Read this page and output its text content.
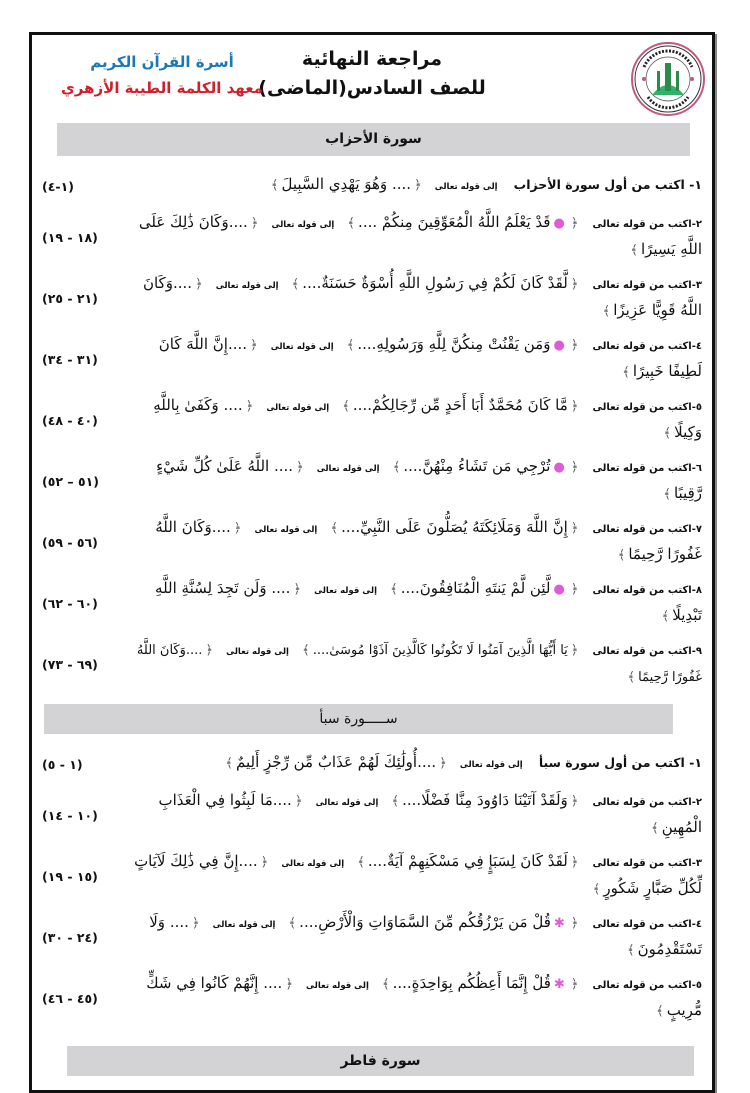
مراجعة النهائية
للصف السادس(الماضى)
أسرة القرآن الكريم
معهد الكلمة الطيبة الأزهري
سورة الأحزاب
١- اكتب من أول سورة الأحزاب إلى قوله تعالى ﴿.... وَهُوَ يَهْدِي السَّبِيلَ﴾
(١-٤)
٢-اكتب من قوله تعالى ﴿●قَدْ يَعْلَمُ اللَّهُ الْمُعَوِّقِينَ مِنكُمْ ....﴾ إلى قوله تعالى ﴿....وَكَانَ ذَٰلِكَ عَلَى اللَّهِ يَسِيرًا﴾
(١٨ - ١٩)
٣-اكتب من قوله تعالى ﴿لَّقَدْ كَانَ لَكُمْ فِي رَسُولِ اللَّهِ أُسْوَةٌ حَسَنَةٌ....﴾ إلى قوله تعالى ﴿....وَكَانَ اللَّهُ قَوِيًّا عَزِيزًا﴾
(٢١ - ٢٥)
٤-اكتب من قوله تعالى ﴿●وَمَن يَقْنُتْ مِنكُنَّ لِلَّهِ وَرَسُولِهِ....﴾ إلى قوله تعالى ﴿....إِنَّ اللَّهَ كَانَ لَطِيفًا خَبِيرًا﴾
(٣١ - ٣٤)
٥-اكتب من قوله تعالى ﴿مَّا كَانَ مُحَمَّدٌ أَبَا أَحَدٍ مِّن رِّجَالِكُمْ....﴾ إلى قوله تعالى ﴿.... وَكَفَىٰ بِاللَّهِ وَكِيلًا﴾
(٤٠ - ٤٨)
٦-اكتب من قوله تعالى ﴿●تُرْجِي مَن تَشَاءُ مِنْهُنَّ....﴾ إلى قوله تعالى ﴿.... اللَّهُ عَلَىٰ كُلِّ شَيْءٍ رَّقِيبًا﴾
(٥١ – ٥٢)
٧-اكتب من قوله تعالى ﴿إِنَّ اللَّهَ وَمَلَائِكَتَهُ يُصَلُّونَ عَلَى النَّبِيِّ....﴾ إلى قوله تعالى ﴿....وَكَانَ اللَّهُ غَفُورًا رَّحِيمًا﴾
(٥٦ - ٥٩)
٨-اكتب من قوله تعالى ﴿●لَّئِن لَّمْ يَنتَهِ الْمُنَافِقُونَ....﴾ إلى قوله تعالى ﴿.... وَلَن تَجِدَ لِسُنَّةِ اللَّهِ تَبْدِيلًا﴾
(٦٠ - ٦٢)
٩-اكتب من قوله تعالى ﴿يَا أَيُّهَا الَّذِينَ آمَنُوا لَا تَكُونُوا كَالَّذِينَ آذَوْا مُوسَىٰ....﴾ إلى قوله تعالى ﴿....وَكَانَ اللَّهُ غَفُورًا رَّحِيمًا﴾
(٦٩ - ٧٣)
ســـــورة سبأ
١- اكتب من أول سورة سبأ إلى قوله تعالى ﴿....أُولَٰئِكَ لَهُمْ عَذَابٌ مِّن رِّجْزٍ أَلِيمٌ﴾
(١ - ٥)
٢-اكتب من قوله تعالى ﴿وَلَقَدْ آتَيْنَا دَاوُودَ مِنَّا فَضْلًا....﴾ إلى قوله تعالى ﴿....مَا لَبِثُوا فِي الْعَذَابِ الْمُهِينِ﴾
(١٠ - ١٤)
٣-اكتب من قوله تعالى ﴿لَقَدْ كَانَ لِسَبَإٍ فِي مَسْكَنِهِمْ آيَةٌ....﴾ إلى قوله تعالى ﴿....إِنَّ فِي ذَٰلِكَ لَآيَاتٍ لِّكُلِّ صَبَّارٍ شَكُورٍ﴾
(١٥ - ١٩)
٤-اكتب من قوله تعالى ﴿✱قُلْ مَن يَرْزُقُكُم مِّنَ السَّمَاوَاتِ وَالْأَرْضِ....﴾ إلى قوله تعالى ﴿.... وَلَا تَسْتَقْدِمُونَ﴾
(٢٤ - ٣٠)
٥-اكتب من قوله تعالى ﴿✱قُلْ إِنَّمَا أَعِظُكُم بِوَاحِدَةٍ....﴾ إلى قوله تعالى ﴿.... إِنَّهُمْ كَانُوا فِي شَكٍّ مُّرِيبٍ﴾
(٤٥ - ٤٦)
سورة فاطر
